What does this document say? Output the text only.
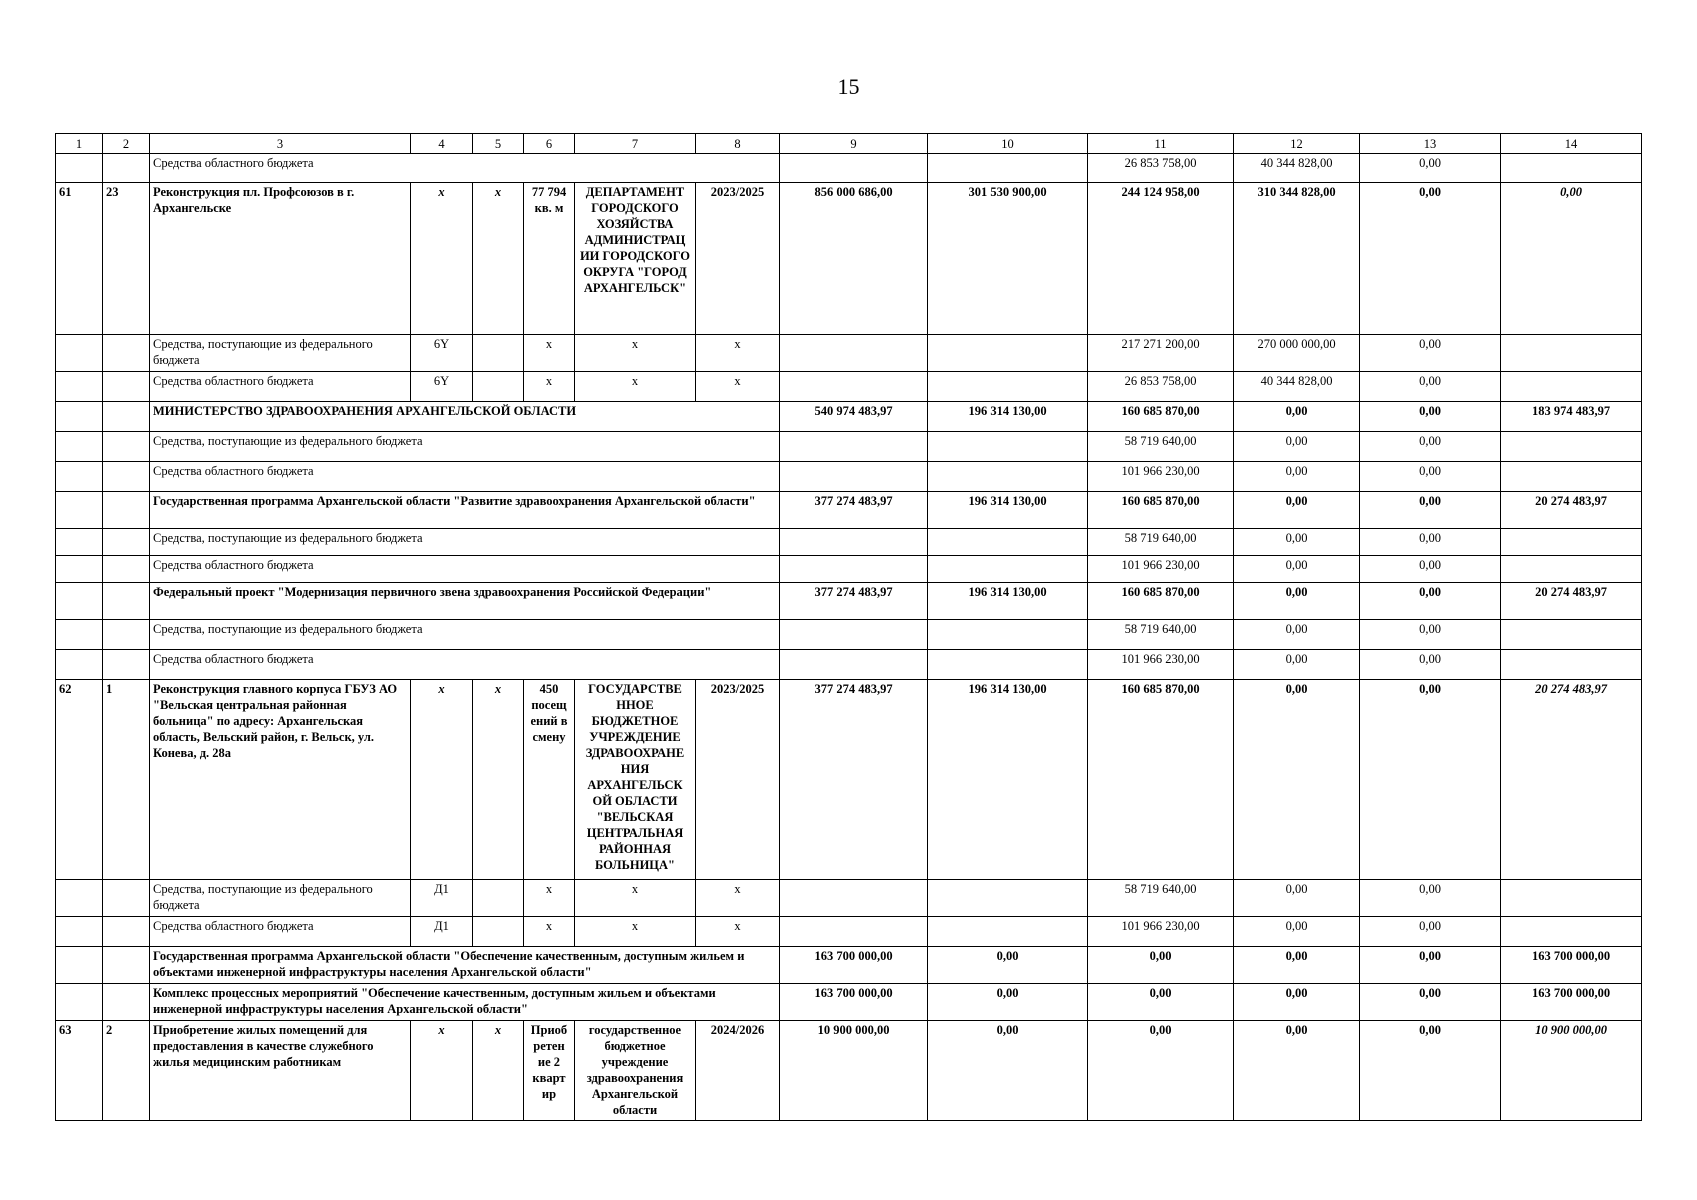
15
1	2	3	4	5	6	7	8	9	10	11	12	13	14
		Средства областного бюджета								26 853 758,00	40 344 828,00	0,00	
61	23	Реконструкция пл. Профсоюзов в г. Архангельске	x	x	77 794 кв. м	ДЕПАРТАМЕНТ ГОРОДСКОГО ХОЗЯЙСТВА АДМИНИСТРАЦ ИИ ГОРОДСКОГО ОКРУГА "ГОРОД АРХАНГЕЛЬСК"	2023/2025	856 000 686,00	301 530 900,00	244 124 958,00	310 344 828,00	0,00	0,00
		Средства, поступающие из федерального бюджета	6Y		x	x	x			217 271 200,00	270 000 000,00	0,00	
		Средства областного бюджета	6Y		x	x	x			26 853 758,00	40 344 828,00	0,00	
		МИНИСТЕРСТВО ЗДРАВООХРАНЕНИЯ АРХАНГЕЛЬСКОЙ ОБЛАСТИ						540 974 483,97	196 314 130,00	160 685 870,00	0,00	0,00	183 974 483,97
		Средства, поступающие из федерального бюджета								58 719 640,00	0,00	0,00	
		Средства областного бюджета								101 966 230,00	0,00	0,00	
		Государственная программа Архангельской области "Развитие здравоохранения Архангельской области"						377 274 483,97	196 314 130,00	160 685 870,00	0,00	0,00	20 274 483,97
		Средства, поступающие из федерального бюджета								58 719 640,00	0,00	0,00	
		Средства областного бюджета								101 966 230,00	0,00	0,00	
		Федеральный проект "Модернизация первичного звена здравоохранения Российской Федерации"						377 274 483,97	196 314 130,00	160 685 870,00	0,00	0,00	20 274 483,97
		Средства, поступающие из федерального бюджета								58 719 640,00	0,00	0,00	
		Средства областного бюджета								101 966 230,00	0,00	0,00	
62	1	Реконструкция главного корпуса ГБУЗ АО "Вельская центральная районная больница" по адресу: Архангельская область, Вельский район, г. Вельск, ул. Конева, д. 28а	x	x	450 посещ ений в смену	ГОСУДАРСТВЕ ННОЕ БЮДЖЕТНОЕ УЧРЕЖДЕНИЕ ЗДРАВООХРАНЕ НИЯ АРХАНГЕЛЬСК ОЙ ОБЛАСТИ "ВЕЛЬСКАЯ ЦЕНТРАЛЬНАЯ РАЙОННАЯ БОЛЬНИЦА"	2023/2025	377 274 483,97	196 314 130,00	160 685 870,00	0,00	0,00	20 274 483,97
		Средства, поступающие из федерального бюджета	Д1		x	x	x			58 719 640,00	0,00	0,00	
		Средства областного бюджета	Д1		x	x	x			101 966 230,00	0,00	0,00	
		Государственная программа Архангельской области "Обеспечение качественным, доступным жильем и объектами инженерной инфраструктуры населения Архангельской области"						163 700 000,00	0,00	0,00	0,00	0,00	163 700 000,00
		Комплекс процессных мероприятий "Обеспечение качественным, доступным жильем и объектами инженерной инфраструктуры населения Архангельской области"						163 700 000,00	0,00	0,00	0,00	0,00	163 700 000,00
63	2	Приобретение жилых помещений для предоставления в качестве служебного жилья медицинским работникам	x	x	Приоб ретен ие 2 кварт ир	государственное бюджетное учреждение здравоохранения Архангельской области	2024/2026	10 900 000,00	0,00	0,00	0,00	0,00	10 900 000,00
